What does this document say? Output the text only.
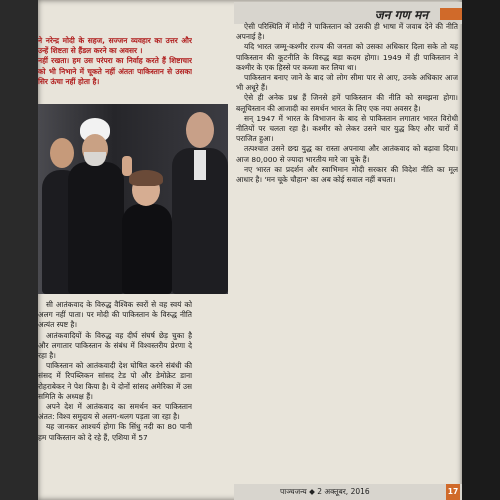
जन गण मन

ने नरेन्द्र मोदी के सहज, सज्जन व्यवहार का उत्तर और उन्हें शिष्टता से हैंडल करने का अवसर ।

नहीं रखता। हम उस परंपरा का निर्वाह करते हैं शिष्टाचार को भी निभाने में चूकते नहीं अंततः पाकिस्तान से उसका सिर ऊंचा नहीं होता है।

सी आतंकवाद के विरुद्ध वैश्विक स्वरों से वह स्वयं को अलग नहीं पाता। पर मोदी की पाकिस्तान के विरुद्ध नीति अत्यंत स्पष्ट है।

आतंकवादियों के विरुद्ध वह दीर्घ संघर्ष छेड़ चुका है और लगातार पाकिस्तान के संबंध में विश्वस्तरीय प्रेरणा दे रहा है।

पाकिस्तान को आतंकवादी देश घोषित करने संबंधी की संसद में रिपब्लिकन सांसद टेड पो और डेमोक्रेट डाना रोहराबेकर ने पेश किया है। ये दोनों सांसद अमेरिका में उस समिति के अध्यक्ष हैं।

अपने देश में आतंकवाद का समर्थन कर पाकिस्तान अंतत: विश्व समुदाय से अलग-थलग पड़ता जा रहा है।

यह जानकर आश्चर्य होगा कि सिंधु नदी का 80 पानी हम पाकिस्तान को दे रहे हैं, एशिया में 57

ऐसी परिस्थिति में मोदी ने पाकिस्तान को उसकी ही भाषा में जवाब देने की नीति अपनाई है।

यदि भारत जम्मू-कश्मीर राज्य की जनता को उसका अधिकार दिला सके तो यह पाकिस्तान की कूटनीति के विरुद्ध बड़ा कदम होगा। 1949 में ही पाकिस्तान ने कश्मीर के एक हिस्से पर कब्जा कर लिया था।

पाकिस्तान बनाए जाने के बाद जो लोग सीमा पार से आए, उनके अधिकार आज भी अधूरे हैं।

ऐसे ही अनेक प्रश्न हैं जिनसे हमें पाकिस्तान की नीति को समझना होगा। बलूचिस्तान की आजादी का समर्थन भारत के लिए एक नया अवसर है।

सन् 1947 में भारत के विभाजन के बाद से पाकिस्तान लगातार भारत विरोधी नीतियों पर चलता रहा है। कश्मीर को लेकर उसने चार युद्ध किए और चारों में पराजित हुआ।

तत्पश्चात उसने छद्म युद्ध का रास्ता अपनाया और आतंकवाद को बढ़ावा दिया। आज 80,000 से ज्यादा भारतीय मारे जा चुके हैं।

नए भारत का प्रदर्शन और स्वाभिमान मोदी सरकार की विदेश नीति का मूल आधार है। 'मन चूके चौहान' का अब कोई सवाल नहीं बचता।

पाञ्चजन्य ◆ 2 अक्तूबर, 2016	17
